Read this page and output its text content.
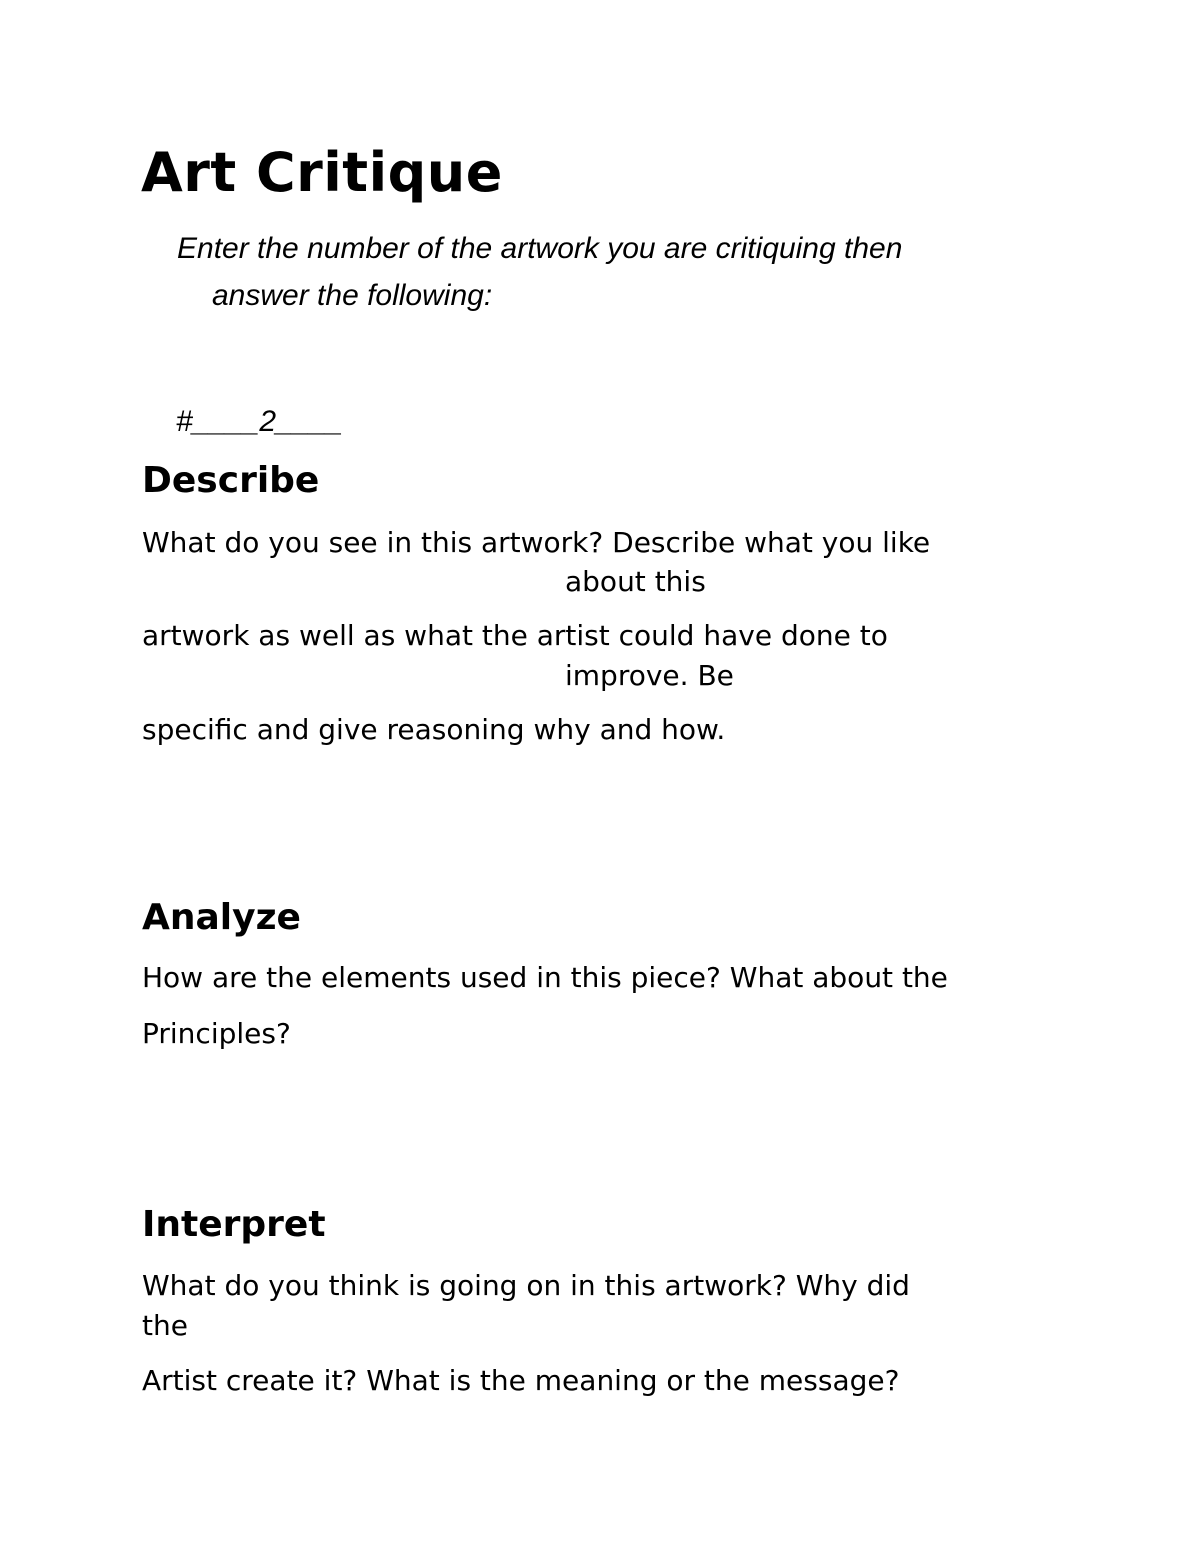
Art Critique
Enter the number of the artwork you are critiquing then
answer the following:
#____2____
Describe
What do you see in this artwork? Describe what you like
about this
artwork as well as what the artist could have done to
improve. Be
specific and give reasoning why and how.
Analyze
How are the elements used in this piece? What about the
Principles?
Interpret
What do you think is going on in this artwork? Why did
the
Artist create it? What is the meaning or the message?
